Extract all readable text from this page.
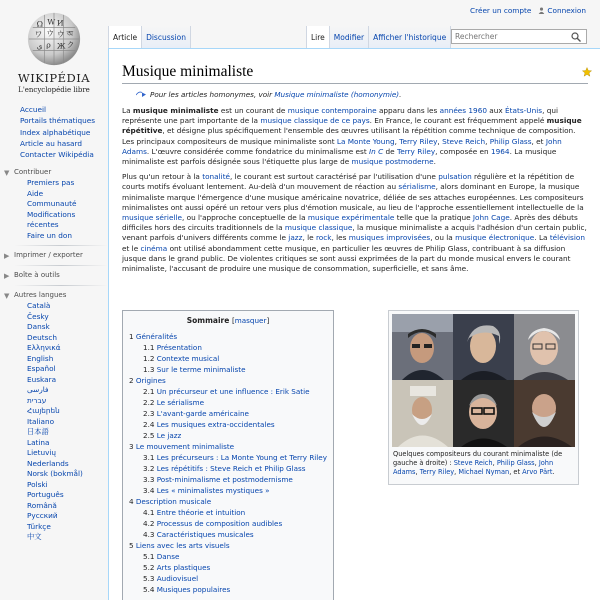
Créer un compte	Connexion
Ω W И
ワ ウ ウ অ
ی ρ Ж ク
WIKIPÉDIA
L'encyclopédie libre
Article	Discussion	Lire	Modifier	Afficher l'historique
Rechercher
Accueil
Portails thématiques
Index alphabétique
Article au hasard
Contacter Wikipédia
▼ Contribuer
Premiers pas
Aide
Communauté
Modifications récentes
Faire un don
▶ Imprimer / exporter
▶ Boîte à outils
▼ Autres langues
Català
Česky
Dansk
Deutsch
Ελληνικά
English
Español
Euskara
فارسی
עברית
Հայերեն
Italiano
日本語
Latina
Lietuvių
Nederlands
Norsk (bokmål)
Polski
Português
Română
Русский
Türkçe
中文
Musique minimaliste
Pour les articles homonymes, voir Musique minimaliste (homonymie).

La musique minimaliste est un courant de musique contemporaine apparu dans les années 1960 aux États-Unis, qui représente une part importante de la musique classique de ce pays. En France, le courant est fréquemment appelé musique répétitive, et désigne plus spécifiquement l'ensemble des œuvres utilisant la répétition comme technique de composition. Les principaux compositeurs de musique minimaliste sont La Monte Young, Terry Riley, Steve Reich, Philip Glass, et John Adams. L'œuvre considérée comme fondatrice du minimalisme est In C de Terry Riley, composée en 1964. La musique minimaliste est parfois désignée sous l'étiquette plus large de musique postmoderne.

Plus qu'un retour à la tonalité, le courant est surtout caractérisé par l'utilisation d'une pulsation régulière et la répétition de courts motifs évoluant lentement. Au-delà d'un mouvement de réaction au sérialisme, alors dominant en Europe, la musique minimaliste marque l'émergence d'une musique américaine novatrice, déliée de ses attaches européennes. Les compositeurs minimalistes ont aussi opéré un retour vers plus d'émotion musicale, au lieu de l'approche essentiellement intellectuelle de la musique sérielle, ou l'approche conceptuelle de la musique expérimentale telle que la pratique John Cage. Après des débuts difficiles hors des circuits traditionnels de la musique classique, la musique minimaliste a acquis l'adhésion d'un certain public, venant parfois d'univers différents comme le jazz, le rock, les musiques improvisées, ou la musique électronique. La télévision et le cinéma ont utilisé abondamment cette musique, en particulier les œuvres de Philip Glass, contribuant à sa diffusion jusque dans le grand public. De violentes critiques se sont aussi exprimées de la part du monde musical envers le courant minimaliste, l'accusant de produire une musique de consommation, superficielle, et sans âme.

Sommaire [masquer]
1 Généralités
1.1 Présentation
1.2 Contexte musical
1.3 Sur le terme minimaliste
2 Origines
2.1 Un précurseur et une influence : Erik Satie
2.2 Le sérialisme
2.3 L'avant-garde américaine
2.4 Les musiques extra-occidentales
2.5 Le jazz
3 Le mouvement minimaliste
3.1 Les précurseurs : La Monte Young et Terry Riley
3.2 Les répétitifs : Steve Reich et Philip Glass
3.3 Post-minimalisme et postmodernisme
3.4 Les « minimalistes mystiques »
4 Description musicale
4.1 Entre théorie et intuition
4.2 Processus de composition audibles
4.3 Caractéristiques musicales
5 Liens avec les arts visuels
5.1 Danse
5.2 Arts plastiques
5.3 Audiovisuel
5.4 Musiques populaires
Quelques compositeurs du courant minimaliste (de gauche à droite) : Steve Reich, Philip Glass, John Adams, Terry Riley, Michael Nyman, et Arvo Pärt.
